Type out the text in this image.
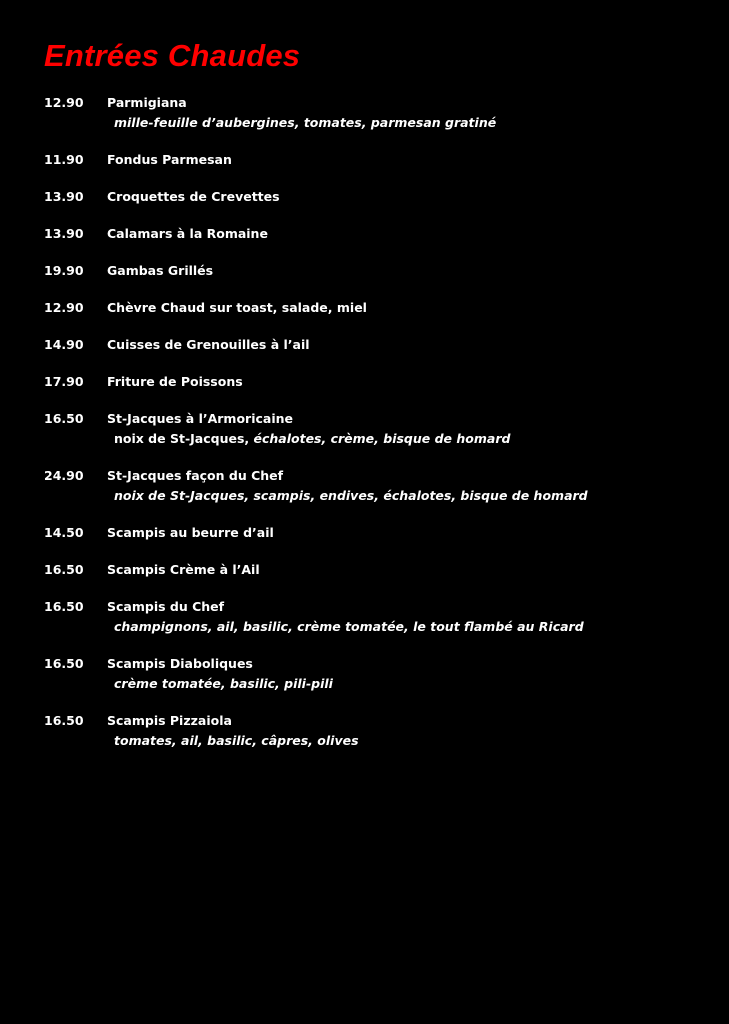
Entrées Chaudes
12.90	Parmigiana
mille-feuille d’aubergines, tomates, parmesan gratiné
11.90	Fondus Parmesan
13.90	Croquettes de Crevettes
13.90	Calamars à la Romaine
19.90	Gambas Grillés
12.90	Chèvre Chaud sur toast, salade, miel
14.90	Cuisses de Grenouilles à l’ail
17.90	Friture de Poissons
16.50	St-Jacques à l’Armoricaine
noix de St-Jacques, échalotes, crème, bisque de homard
24.90	St-Jacques façon du Chef
noix de St-Jacques, scampis, endives, échalotes, bisque de homard
14.50	Scampis au beurre d’ail
16.50	Scampis Crème à l’Ail
16.50	Scampis du Chef
champignons, ail, basilic, crème tomatée, le tout flambé au Ricard
16.50	Scampis Diaboliques
crème tomatée, basilic, pili-pili
16.50	Scampis Pizzaiola
tomates, ail, basilic, câpres, olives
